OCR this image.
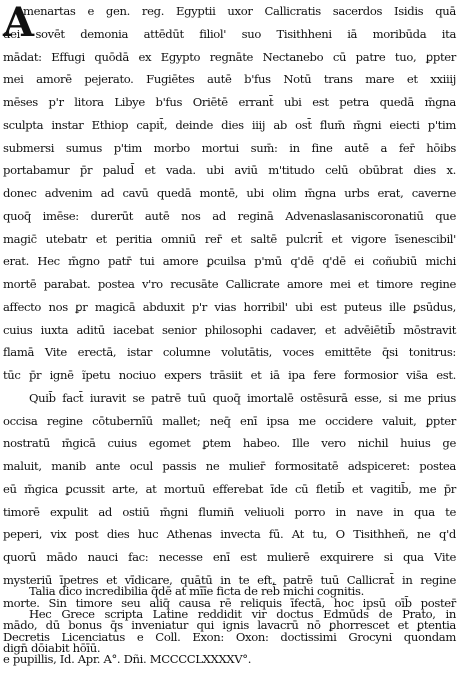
A
menartas e gen. reg. Egyptii uxor Callicratis sacerdos Isidis quā
dei sovēt demonia attēdūt filiol' suo Tisithheni iā moribūda ita
mādat: Effugi quōdā ex Egypto regnāte Nectanebo cū patre tuo, ꝑpter
mei amorē pejerato. Fugiētes autē b'fus Notū trans mare et xxiiij
mēses p'r litora Libye b'fus Oriētē errant̄ ubi est petra quedā m̄gna
sculpta instar Ethiop capit̄, deinde dies iiij ab ost̄ flum̄ m̄gni eiecti p'tim
submersi sumus p'tim morbo mortui sum̄: in fine autē a fer̄ hōibs
portabamur p̄r palud̄ et vada. ubi aviū m'titudo celū obūbrat dies x.
donec advenim ad cavū quedā montē, ubi olim m̄gna urbs erat, caverne
quoq̄ imēse: durerūt autē nos ad reginā Advenaslasaniscoronatiū que
magic̄ utebatr et peritia omniū rer̄ et saltē pulcrit̄ et vigore īsenescibil'
erat. Hec m̄gno patr̄ tui amore ꝑcuilsa p'mū q'dē q'dē ei coñubiū michi
mortē parabat. postea v'ro recusāte Callicrate amore mei et timore regine
affecto nos ꝑr magicā abduxit p'r vias horribil' ubi est puteus ille ꝑsūdus,
cuius iuxta aditū iacebat senior philosophi cadaver, et advēiētib̄ mōstravit
flamā Vite erectā, istar columne volutātis, voces emittēte q̄si tonitrus:
tūc p̄r ignē ĩpetu nociuo expers trāsiit et iā ipa fere formosior vis̄a est.
Quib̄ fact̄ iuravit se patrē tuū quoq̄ imortalē ostēsurā esse, si me prius
occisa regine cōtubernīū mallet; neq̄ enī ipsa me occidere valuit, ꝑpter
nostratū m̄gicā cuius egomet ꝑtem habeo. Ille vero nichil huius ge
maluit, manib ante ocul passis ne mulier̄ formositatē adspiceret: postea
eū m̄gica ꝑcussit arte, at mortuū efferebat īde cū fletib̄ et vagitib̄, me p̄r
timorē expulit ad ostiū m̄gni flumin̄ veliuoli porro in nave in qua te
peperi, vix post dies huc Athenas invecta fū. At tu, O Tisithheñ, ne q'd
quorū mādo nauci fac: necesse enī est mulierē exquirere si qua Vite
mysteriū īpetres et vīdicare, quātū in te eft, patrē tuū Callicrat̄ in regine
morte. Sin timore seu aliq̄ causa rē reliquis īfectā, hoc ipsū oīb̄ poster̄
mādo, dū bonus q̄s inveniatur qui ignis lavacrū nō ꝑhorrescet et ꝑtentia
dign̄ dōiabit hōīū.
Talia dico incredibilia q̄dē at mīīe ficta de reb̄ michi cognitis.
Hec Grece scripta Latine reddidit vir doctus Edmūds de Prato, in
Decretis Licenciatus e Coll. Exon: Oxon: doctissimi Grocyni quondam
e pupillis, Id. Apr. A°. Dñi. MCCCCLXXXXV°.
